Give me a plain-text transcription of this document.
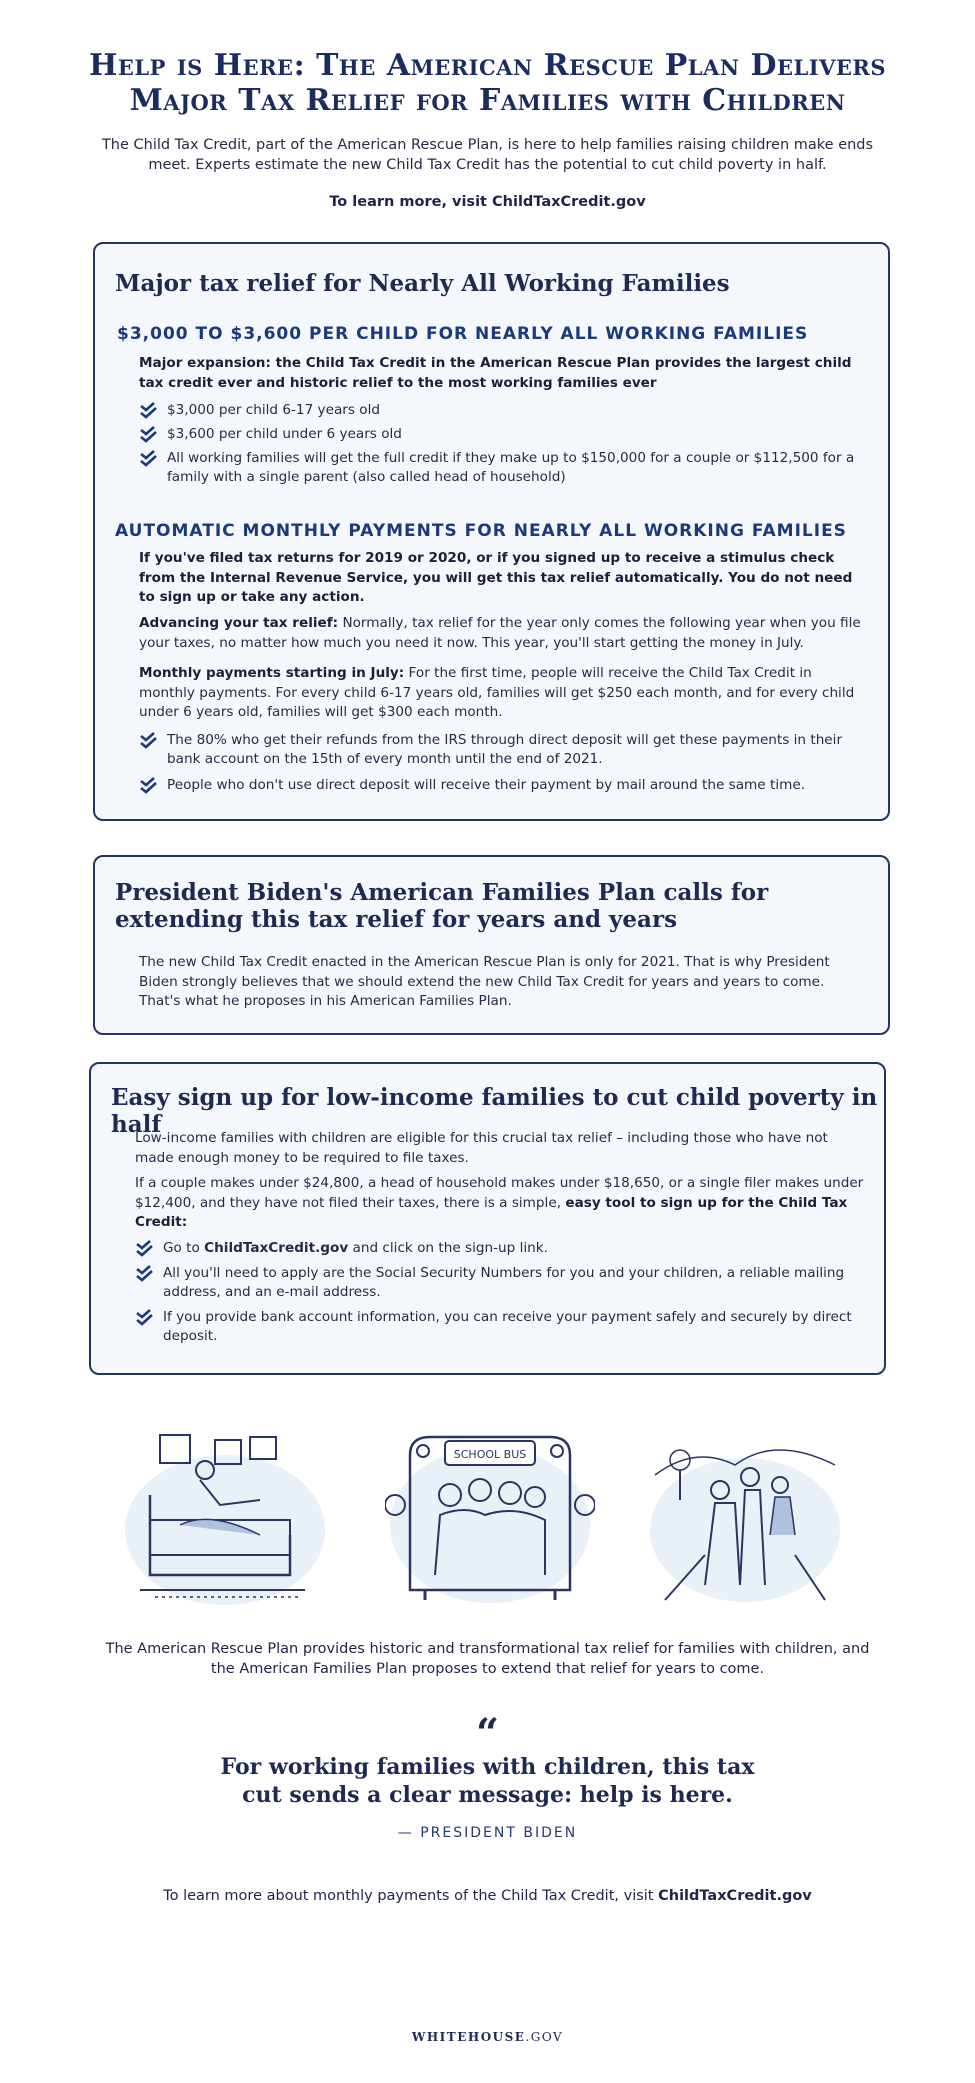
Help is Here: The American Rescue Plan Delivers
Major Tax Relief for Families with Children

The Child Tax Credit, part of the American Rescue Plan, is here to help families raising children make ends meet. Experts estimate the new Child Tax Credit has the potential to cut child poverty in half.

To learn more, visit ChildTaxCredit.gov

Major tax relief for Nearly All Working Families
$3,000 TO $3,600 PER CHILD FOR NEARLY ALL WORKING FAMILIES

Major expansion: the Child Tax Credit in the American Rescue Plan provides the largest child tax credit ever and historic relief to the most working families ever

$3,000 per child 6-17 years old
$3,600 per child under 6 years old
All working families will get the full credit if they make up to $150,000 for a couple or $112,500 for a family with a single parent (also called head of household)
AUTOMATIC MONTHLY PAYMENTS FOR NEARLY ALL WORKING FAMILIES

If you've filed tax returns for 2019 or 2020, or if you signed up to receive a stimulus check from the Internal Revenue Service, you will get this tax relief automatically. You do not need to sign up or take any action.

Advancing your tax relief: Normally, tax relief for the year only comes the following year when you file your taxes, no matter how much you need it now. This year, you'll start getting the money in July.

Monthly payments starting in July: For the first time, people will receive the Child Tax Credit in monthly payments. For every child 6-17 years old, families will get $250 each month, and for every child under 6 years old, families will get $300 each month.

The 80% who get their refunds from the IRS through direct deposit will get these payments in their bank account on the 15th of every month until the end of 2021.
People who don't use direct deposit will receive their payment by mail around the same time.
President Biden's American Families Plan calls for extending this tax relief for years and years

The new Child Tax Credit enacted in the American Rescue Plan is only for 2021. That is why President Biden strongly believes that we should extend the new Child Tax Credit for years and years to come. That's what he proposes in his American Families Plan.

Easy sign up for low-income families to cut child poverty in half

Low-income families with children are eligible for this crucial tax relief – including those who have not made enough money to be required to file taxes.

If a couple makes under $24,800, a head of household makes under $18,650, or a single filer makes under $12,400, and they have not filed their taxes, there is a simple, easy tool to sign up for the Child Tax Credit:

Go to ChildTaxCredit.gov and click on the sign-up link.
All you'll need to apply are the Social Security Numbers for you and your children, a reliable mailing address, and an e-mail address.
If you provide bank account information, you can receive your payment safely and securely by direct deposit.
SCHOOL BUS

The American Rescue Plan provides historic and transformational tax relief for families with children, and the American Families Plan proposes to extend that relief for years to come.

“

For working families with children, this tax
cut sends a clear message: help is here.

— PRESIDENT BIDEN

To learn more about monthly payments of the Child Tax Credit, visit ChildTaxCredit.gov

WHITEHOUSE.GOV
